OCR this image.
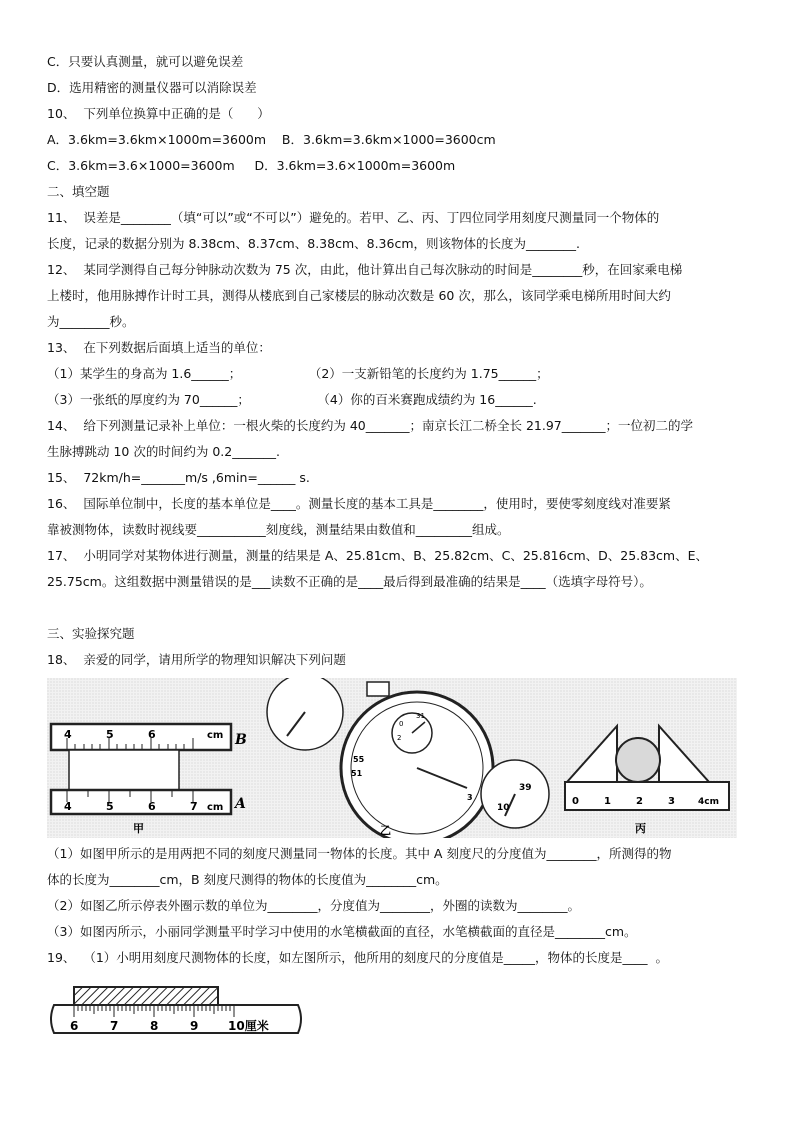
C．只要认真测量，就可以避免误差
D．选用精密的测量仪器可以消除误差
10、  下列单位换算中正确的是（      ）
A．3.6km=3.6km×1000m=3600m    B．3.6km=3.6km×1000=3600cm
C．3.6km=3.6×1000=3600m     D．3.6km=3.6×1000m=3600m
二、填空题
11、  误差是________（填“可以”或“不可以”）避免的。若甲、乙、丙、丁四位同学用刻度尺测量同一个物体的
长度，记录的数据分别为 8.38cm、8.37cm、8.38cm、8.36cm，则该物体的长度为________.
12、  某同学测得自己每分钟脉动次数为 75 次，由此，他计算出自己每次脉动的时间是________秒，在回家乘电梯
上楼时，他用脉搏作计时工具，测得从楼底到自己家楼层的脉动次数是 60 次，那么，该同学乘电梯所用时间大约
为________秒。
13、  在下列数据后面填上适当的单位：
（1）某学生的身高为 1.6______；                 （2）一支新铅笔的长度约为 1.75______；
（3）一张纸的厚度约为 70______；                 （4）你的百米赛跑成绩约为 16______.
14、  给下列测量记录补上单位：一根火柴的长度约为 40_______；南京长江二桥全长 21.97_______；一位初二的学
生脉搏跳动 10 次的时间约为 0.2_______.
15、  72km/h=_______m/s ,6min=______ s.
16、  国际单位制中，长度的基本单位是____。测量长度的基本工具是________，使用时，要使零刻度线对准要紧
靠被测物体，读数时视线要___________刻度线，测量结果由数值和_________组成。
17、  小明同学对某物体进行测量，测量的结果是 A、25.81cm、B、25.82cm、C、25.816cm、D、25.83cm、E、
25.75cm。这组数据中测量错误的是___读数不正确的是____最后得到最准确的结果是____（选填字母符号）。
三、实验探究题
18、  亲爱的同学，请用所学的物理知识解决下列问题
4	5	6	cm B
4	5	6	7 cm A
甲
0
31
2
55
51
3
10
39
乙
0	1	2	3	4cm
丙
（1）如图甲所示的是用两把不同的刻度尺测量同一物体的长度。其中 A 刻度尺的分度值为________，所测得的物
体的长度为________cm，B 刻度尺测得的物体的长度值为________cm。
（2）如图乙所示停表外圈示数的单位为________，分度值为________，外圈的读数为________。
（3）如图丙所示，小丽同学测量平时学习中使用的水笔横截面的直径，水笔横截面的直径是________cm。
19、  （1）小明用刻度尺测物体的长度，如左图所示，他所用的刻度尺的分度值是_____，物体的长度是____  。
6	7	8	9 10厘米
